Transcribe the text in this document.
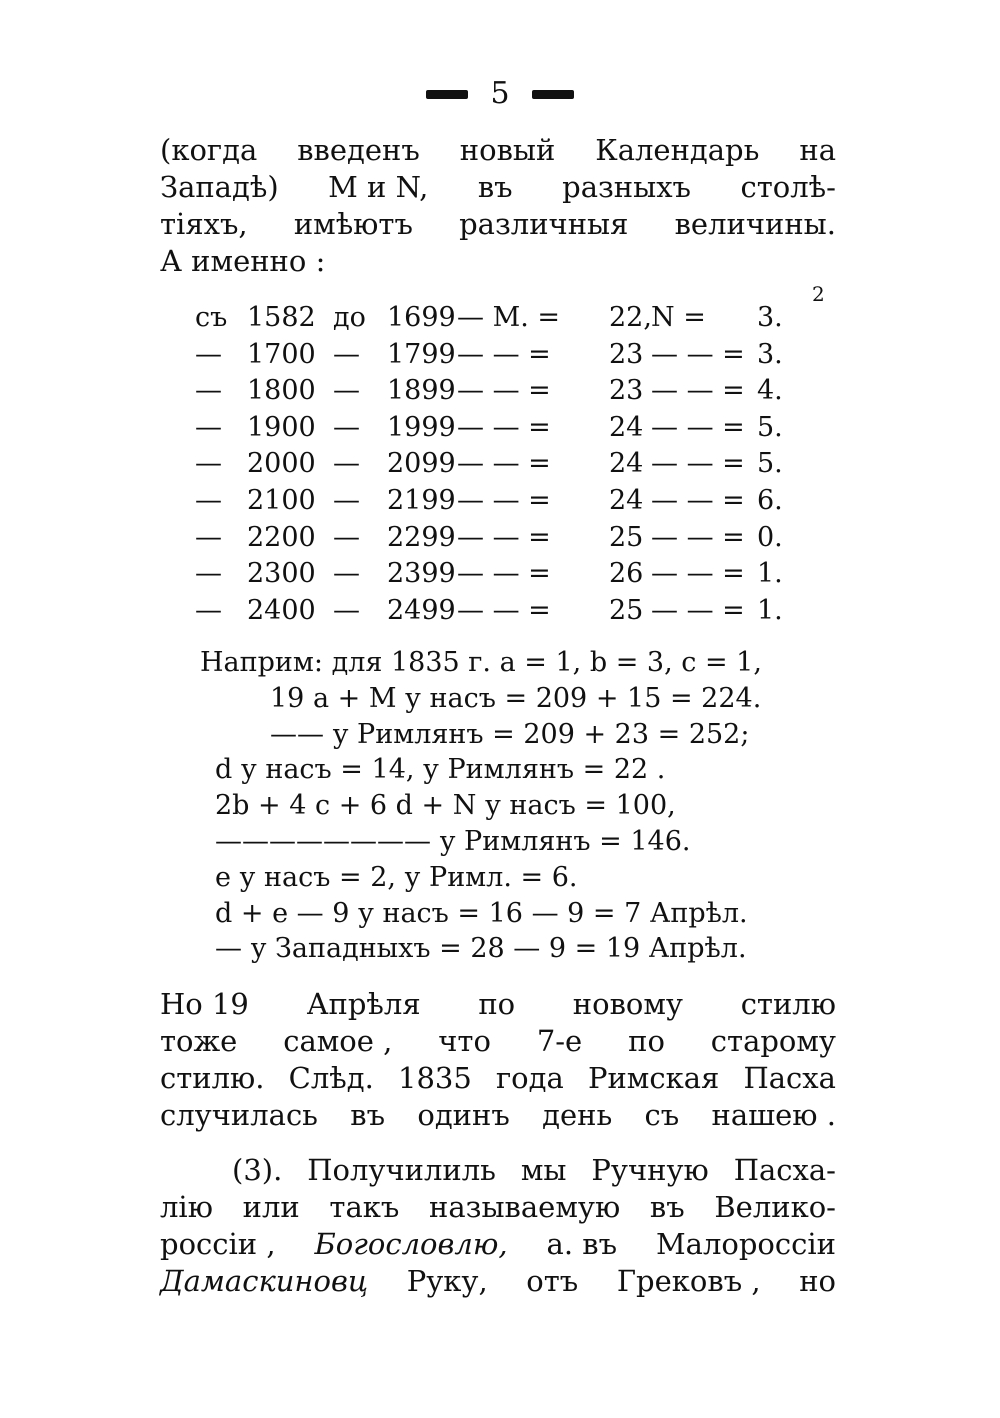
5
(когда введенъ новый Календарь на
Западѣ) M и N, въ разныхъ столѣ-
тіяхъ, имѣютъ различныя величины.
А именно :
2
съ 1582 до 1699 — M. = 22, N = 3.
— 1700 — 1799 — — = 23 — — = 3.
— 1800 — 1899 — — = 23 — — = 4.
— 1900 — 1999 — — = 24 — — = 5.
— 2000 — 2099 — — = 24 — — = 5.
— 2100 — 2199 — — = 24 — — = 6.
— 2200 — 2299 — — = 25 — — = 0.
— 2300 — 2399 — — = 26 — — = 1.
— 2400 — 2499 — — = 25 — — = 1.
Наприм: для 1835 г. a = 1, b = 3, c = 1,
19 a + M у насъ = 209 + 15 = 224.
—— у Римлянъ = 209 + 23 = 252;
d у насъ = 14, у Римлянъ = 22 .
2b + 4 c + 6 d + N у насъ = 100,
———————— у Римлянъ = 146.
e у насъ = 2, у Римл. = 6.
d + e — 9 у насъ = 16 — 9 = 7 Апрѣл.
— у Западныхъ = 28 — 9 = 19 Апрѣл.
Но 19 Апрѣля по новому стилю
тоже самое , что 7-е по старому
стилю. Слѣд. 1835 года Римская Пасха
случилась въ одинъ день съ нашею .
(3). Получилиль мы Ручную Пасха-
лію или такъ называемую въ Велико-
россіи , Богословлю, а. въ Малороссіи
Дамаскиновц Руку, отъ Грековъ , но
